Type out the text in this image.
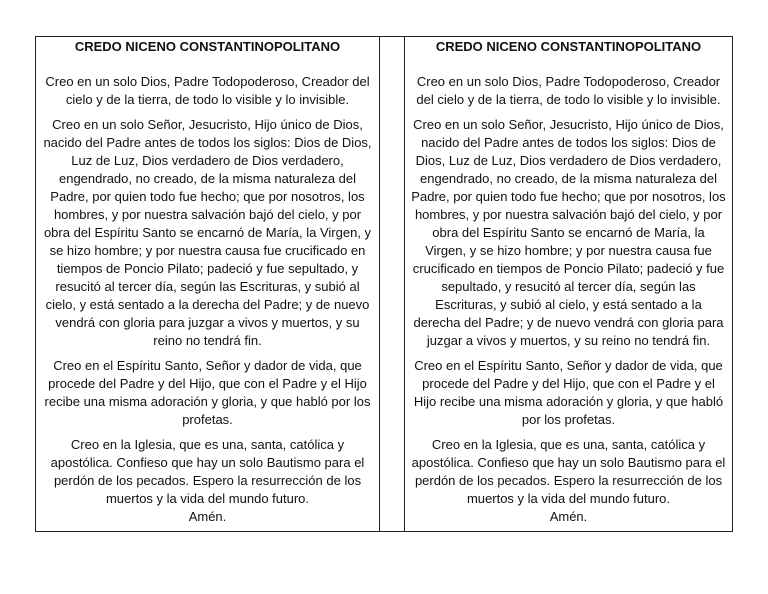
CREDO NICENO CONSTANTINOPOLITANO

Creo en un solo Dios, Padre Todopoderoso, Creador del cielo y de la tierra, de todo lo visible y lo invisible.

Creo en un solo Señor, Jesucristo, Hijo único de Dios, nacido del Padre antes de todos los siglos: Dios de Dios, Luz de Luz, Dios verdadero de Dios verdadero, engendrado, no creado, de la misma naturaleza del Padre, por quien todo fue hecho; que por nosotros, los hombres, y por nuestra salvación bajó del cielo, y por obra del Espíritu Santo se encarnó de María, la Virgen, y se hizo hombre; y por nuestra causa fue crucificado en tiempos de Poncio Pilato; padeció y fue sepultado, y resucitó al tercer día, según las Escrituras, y subió al cielo, y está sentado a la derecha del Padre; y de nuevo vendrá con gloria para juzgar a vivos y muertos, y su reino no tendrá fin.

Creo en el Espíritu Santo, Señor y dador de vida, que procede del Padre y del Hijo, que con el Padre y el Hijo recibe una misma adoración y gloria, y que habló por los profetas.

Creo en la Iglesia, que es una, santa, católica y apostólica. Confieso que hay un solo Bautismo para el perdón de los pecados. Espero la resurrección de los muertos y la vida del mundo futuro.

Amén.

CREDO NICENO CONSTANTINOPOLITANO

Creo en un solo Dios, Padre Todopoderoso, Creador del cielo y de la tierra, de todo lo visible y lo invisible.

Creo en un solo Señor, Jesucristo, Hijo único de Dios, nacido del Padre antes de todos los siglos: Dios de Dios, Luz de Luz, Dios verdadero de Dios verdadero, engendrado, no creado, de la misma naturaleza del Padre, por quien todo fue hecho; que por nosotros, los hombres, y por nuestra salvación bajó del cielo, y por obra del Espíritu Santo se encarnó de María, la Virgen, y se hizo hombre; y por nuestra causa fue crucificado en tiempos de Poncio Pilato; padeció y fue sepultado, y resucitó al tercer día, según las Escrituras, y subió al cielo, y está sentado a la derecha del Padre; y de nuevo vendrá con gloria para juzgar a vivos y muertos, y su reino no tendrá fin.

Creo en el Espíritu Santo, Señor y dador de vida, que procede del Padre y del Hijo, que con el Padre y el Hijo recibe una misma adoración y gloria, y que habló por los profetas.

Creo en la Iglesia, que es una, santa, católica y apostólica. Confieso que hay un solo Bautismo para el perdón de los pecados. Espero la resurrección de los muertos y la vida del mundo futuro.

Amén.
